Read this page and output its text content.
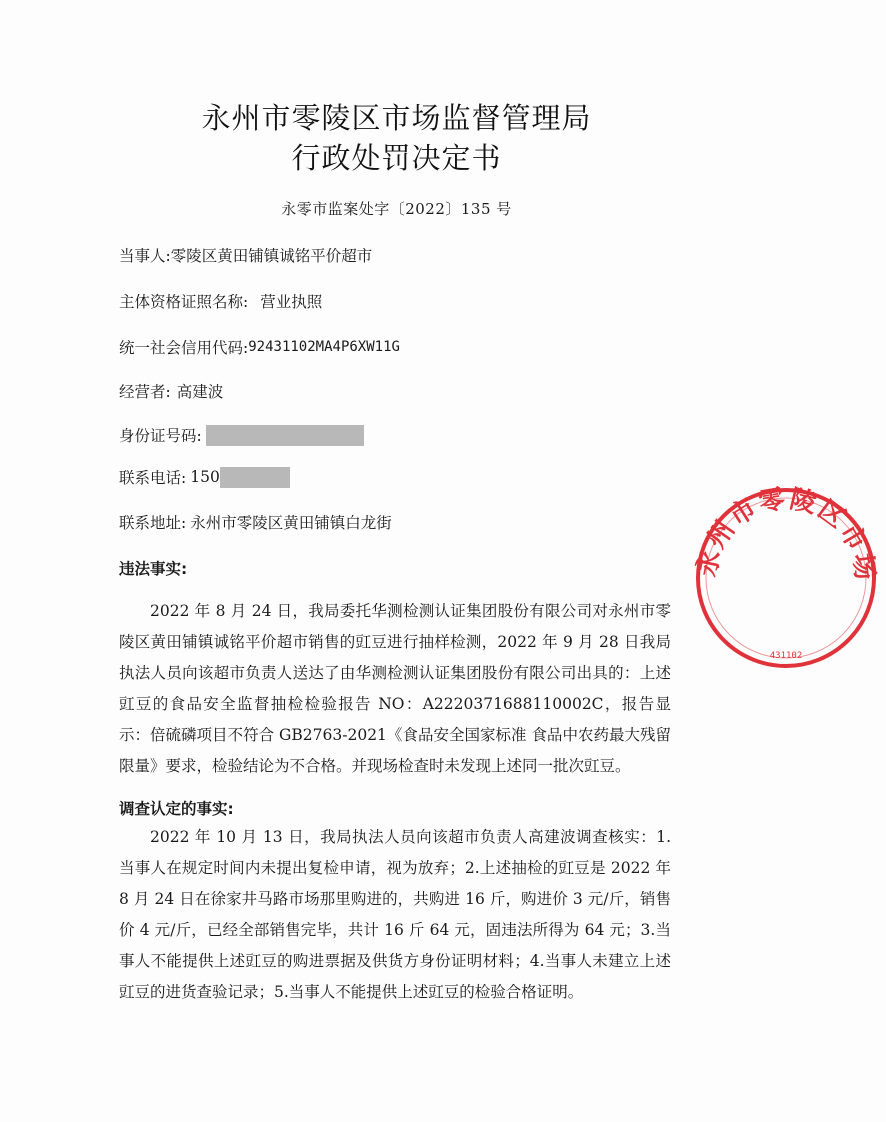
永州市零陵区市场监督管理局
行政处罚决定书
永零市监案处字〔2022〕135 号
当事人: 零陵区黄田铺镇诚铭平价超市
主体资格证照名称: 营业执照
统一社会信用代码: 92431102MA4P6XW11G
经营者: 高建波
身份证号码:
联系电话: 150
联系地址: 永州市零陵区黄田铺镇白龙街
违法事实:

2022 年 8 月 24 日，我局委托华测检测认证集团股份有限公司对永州市零陵区黄田铺镇诚铭平价超市销售的豇豆进行抽样检测，2022 年 9 月 28 日我局执法人员向该超市负责人送达了由华测检测认证集团股份有限公司出具的：上述豇豆的食品安全监督抽检检验报告 NO：A2220371688110002C，报告显示：倍硫磷项目不符合 GB2763-2021《食品安全国家标准 食品中农药最大残留限量》要求，检验结论为不合格。并现场检查时未发现上述同一批次豇豆。

调查认定的事实:

2022 年 10 月 13 日，我局执法人员向该超市负责人高建波调查核实：1.当事人在规定时间内未提出复检申请，视为放弃；2.上述抽检的豇豆是 2022 年 8 月 24 日在徐家井马路市场那里购进的，共购进 16 斤，购进价 3 元/斤，销售价 4 元/斤，已经全部销售完毕，共计 16 斤 64 元，固违法所得为 64 元；3.当事人不能提供上述豇豆的购进票据及供货方身份证明材料；4.当事人未建立上述豇豆的进货查验记录；5.当事人不能提供上述豇豆的检验合格证明。

永州市零陵区市场
431102
